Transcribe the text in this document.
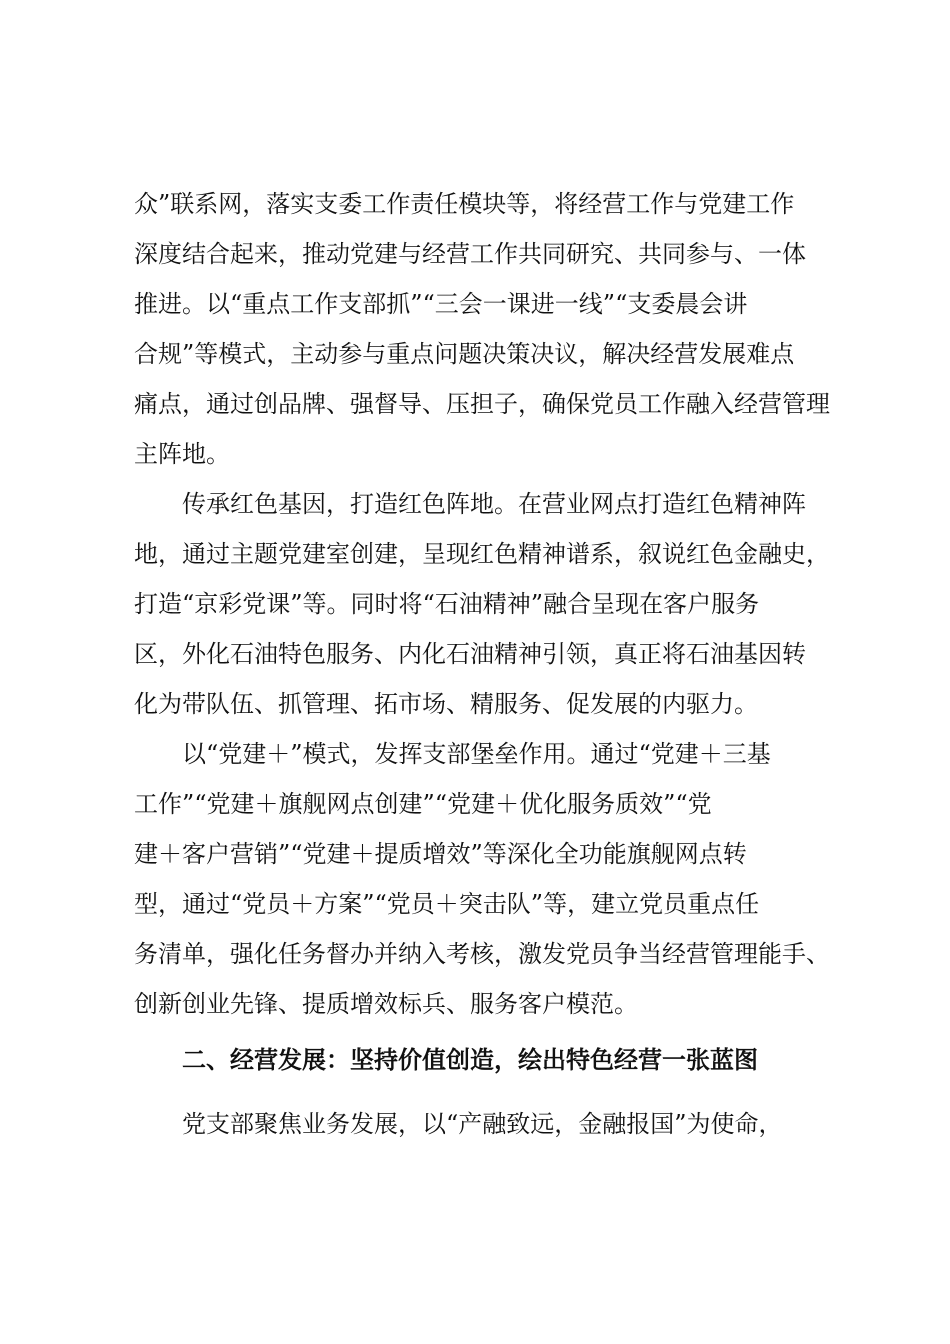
众”联系网，落实支委工作责任模块等，将经营工作与党建工作
深度结合起来，推动党建与经营工作共同研究、共同参与、一体
推进。以“重点工作支部抓”“三会一课进一线”“支委晨会讲
合规”等模式，主动参与重点问题决策决议，解决经营发展难点
痛点，通过创品牌、强督导、压担子，确保党员工作融入经营管理
主阵地。
传承红色基因，打造红色阵地。在营业网点打造红色精神阵
地，通过主题党建室创建，呈现红色精神谱系，叙说红色金融史，
打造“京彩党课”等。同时将“石油精神”融合呈现在客户服务
区，外化石油特色服务、内化石油精神引领，真正将石油基因转
化为带队伍、抓管理、拓市场、精服务、促发展的内驱力。
以“党建＋”模式，发挥支部堡垒作用。通过“党建＋三基
工作”“党建＋旗舰网点创建”“党建＋优化服务质效”“党
建＋客户营销”“党建＋提质增效”等深化全功能旗舰网点转
型，通过“党员＋方案”“党员＋突击队”等，建立党员重点任
务清单，强化任务督办并纳入考核，激发党员争当经营管理能手、
创新创业先锋、提质增效标兵、服务客户模范。
二、经营发展：坚持价值创造，绘出特色经营一张蓝图
党支部聚焦业务发展，以“产融致远，金融报国”为使命，
